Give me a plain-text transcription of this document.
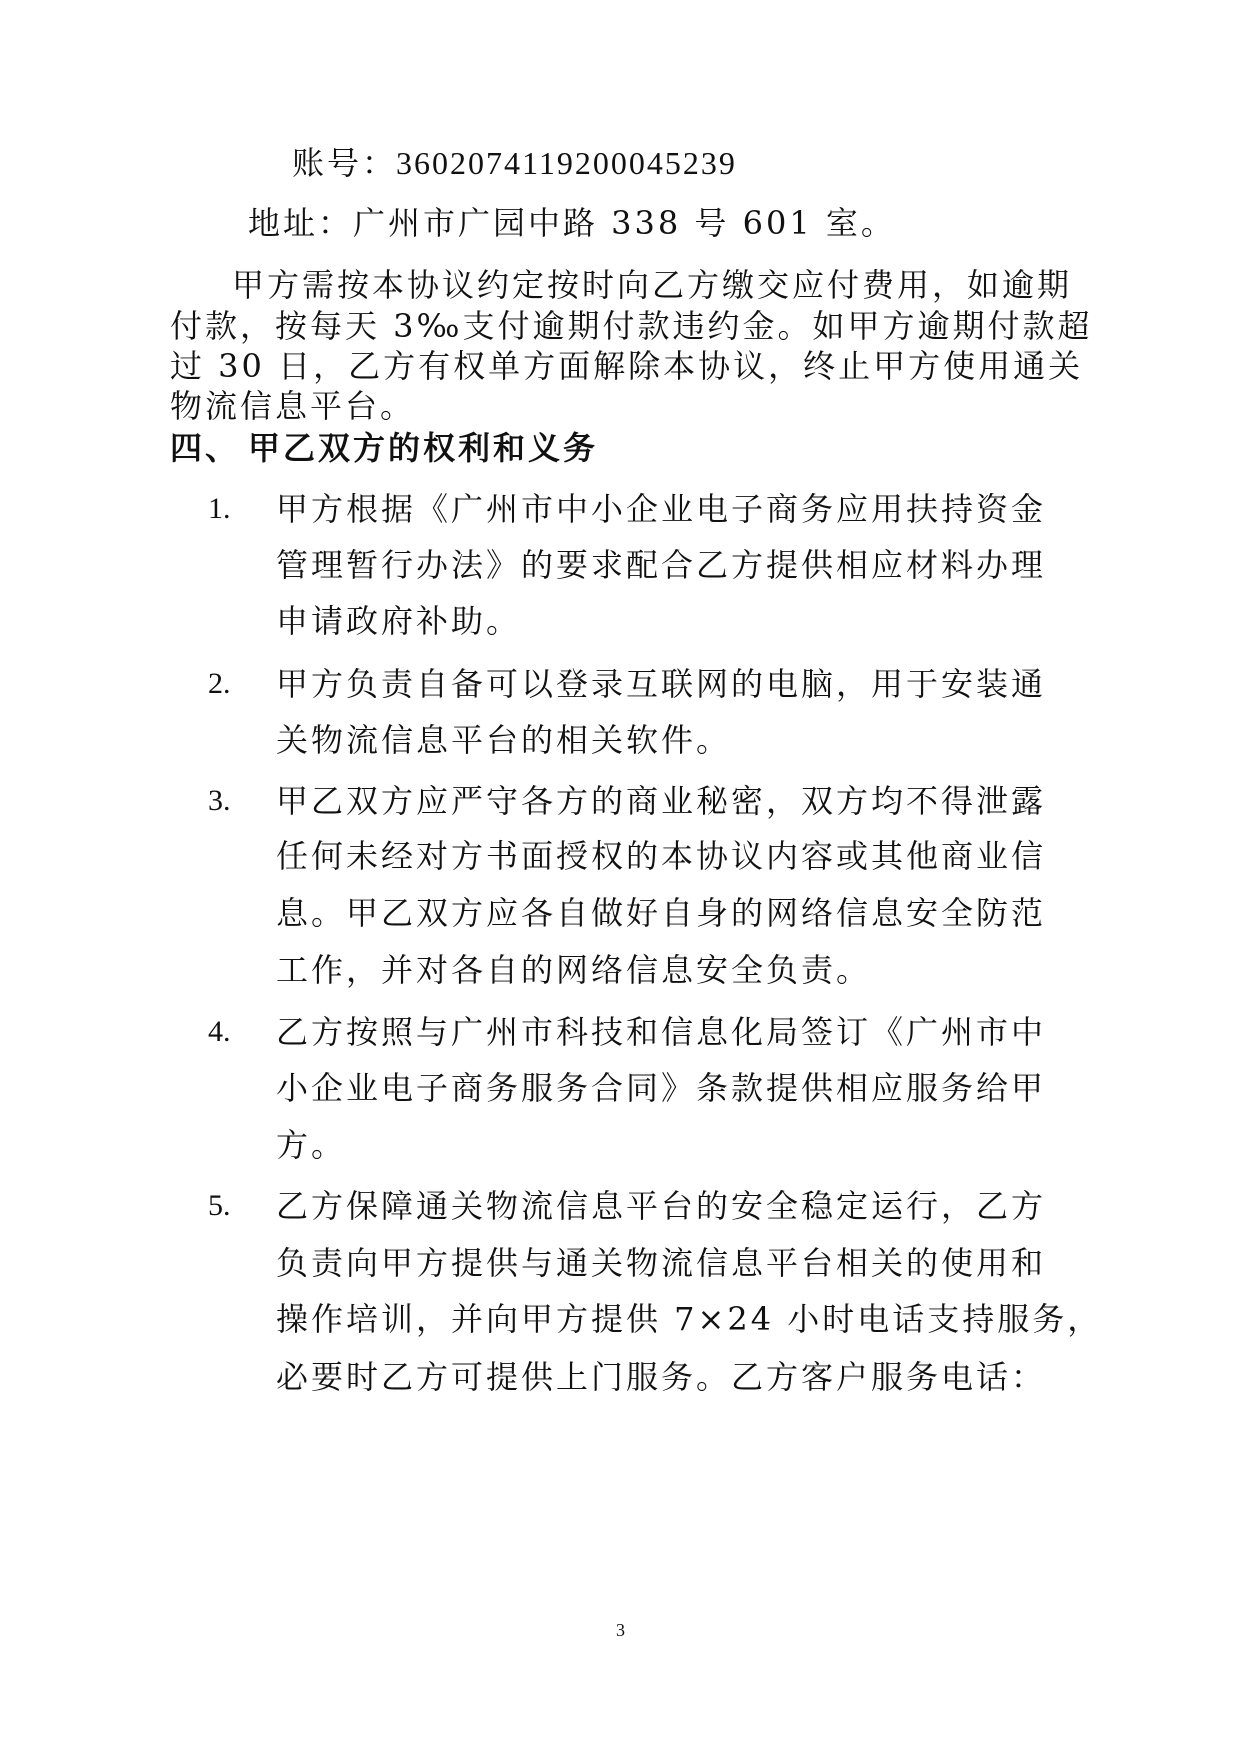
账号：
3602074119200045239
地址：广州市广园中路 338 号 601 室。
甲方需按本协议约定按时向乙方缴交应付费用，如逾期
付款，按每天 3‰支付逾期付款违约金。如甲方逾期付款超
过 30 日，乙方有权单方面解除本协议，终止甲方使用通关
物流信息平台。
四、 甲乙双方的权利和义务
1. 甲方根据《广州市中小企业电子商务应用扶持资金
管理暂行办法》的要求配合乙方提供相应材料办理
申请政府补助。
2. 甲方负责自备可以登录互联网的电脑，用于安装通
关物流信息平台的相关软件。
3. 甲乙双方应严守各方的商业秘密，双方均不得泄露
任何未经对方书面授权的本协议内容或其他商业信
息。甲乙双方应各自做好自身的网络信息安全防范
工作，并对各自的网络信息安全负责。
4. 乙方按照与广州市科技和信息化局签订《广州市中
小企业电子商务服务合同》条款提供相应服务给甲
方。
5. 乙方保障通关物流信息平台的安全稳定运行，乙方
负责向甲方提供与通关物流信息平台相关的使用和
操作培训，并向甲方提供 7×24 小时电话支持服务，
必要时乙方可提供上门服务。乙方客户服务电话：
3
